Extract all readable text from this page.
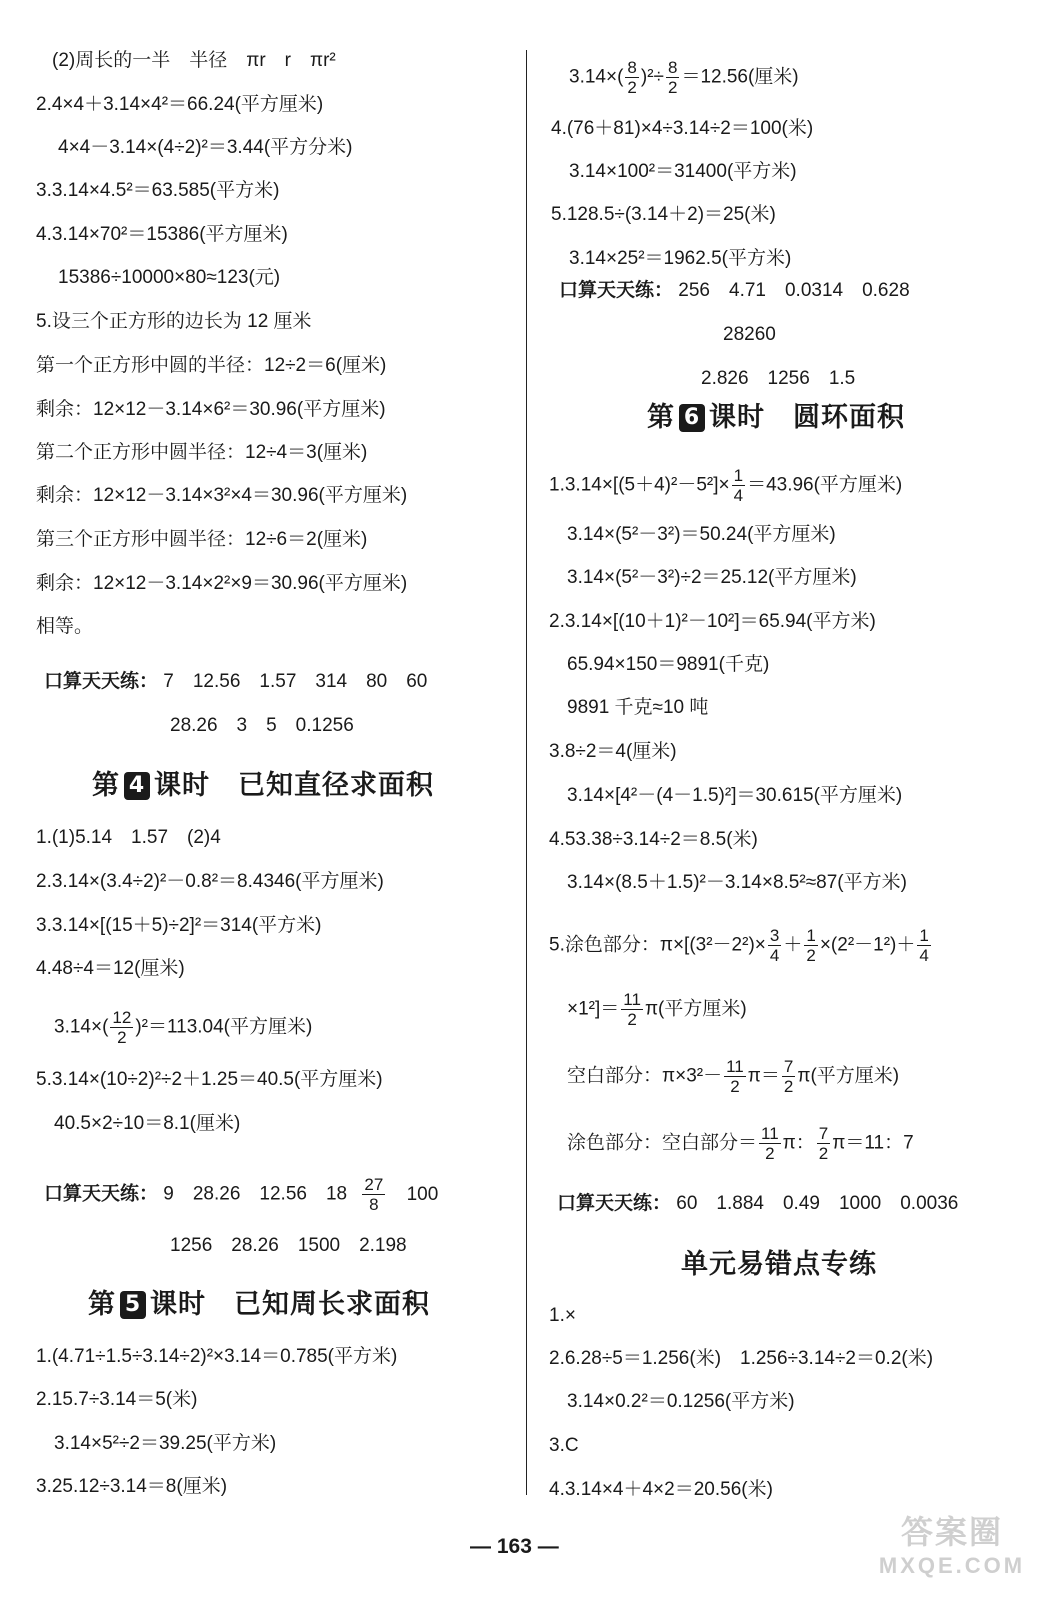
(2)周长的一半　半径　πr　r　πr²
2.4×4＋3.14×4²＝66.24(平方厘米)
4×4－3.14×(4÷2)²＝3.44(平方分米)
3.3.14×4.5²＝63.585(平方米)
4.3.14×70²＝15386(平方厘米)
15386÷10000×80≈123(元)
5.设三个正方形的边长为 12 厘米
第一个正方形中圆的半径：12÷2＝6(厘米)
剩余：12×12－3.14×6²＝30.96(平方厘米)
第二个正方形中圆半径：12÷4＝3(厘米)
剩余：12×12－3.14×3²×4＝30.96(平方厘米)
第三个正方形中圆半径：12÷6＝2(厘米)
剩余：12×12－3.14×2²×9＝30.96(平方厘米)
相等。
口算天天练： 7　12.56　1.57　314　80　60
28.26　3　5　0.1256
第 4 课时　已知直径求面积
1.(1)5.14　1.57　(2)4
2.3.14×(3.4÷2)²－0.8²＝8.4346(平方厘米)
3.3.14×[(15＋5)÷2]²＝314(平方米)
4.48÷4＝12(厘米)
$3.14\times( \frac{12}{2} )^2=113.04$(平方厘米)
5.3.14×(10÷2)²÷2＋1.25＝40.5(平方厘米)
40.5×2÷10＝8.1(厘米)
口算天天练： 9　28.26　12.56　$18 \frac{27}{8} 100$
1256　28.26　1500　2.198
第 5 课时　已知周长求面积
1.(4.71÷1.5÷3.14÷2)²×3.14＝0.785(平方米)
2.15.7÷3.14＝5(米)
3.14×5²÷2＝39.25(平方米)
3.25.12÷3.14＝8(厘米)
$3.14\times( \frac{8}{2} )^2\div \frac{8}{2} =12.56$(厘米)
4.(76＋81)×4÷3.14÷2＝100(米)
3.14×100²＝31400(平方米)
5.128.5÷(3.14＋2)＝25(米)
3.14×25²＝1962.5(平方米)
口算天天练： 256　4.71　0.0314　0.628
28260
2.826　1256　1.5
第 6 课时　圆环面积
$1.3.14\times[(5+4)^2-5^2]\times \frac{1}{4} =43.96$(平方厘米)
3.14×(5²－3²)＝50.24(平方厘米)
3.14×(5²－3²)÷2＝25.12(平方厘米)
2.3.14×[(10＋1)²－10²]＝65.94(平方米)
65.94×150＝9891(千克)
9891 千克≈10 吨
3.8÷2＝4(厘米)
3.14×[4²－(4－1.5)²]＝30.615(平方厘米)
4.53.38÷3.14÷2＝8.5(米)
3.14×(8.5＋1.5)²－3.14×8.5²≈87(平方米)
5.涂色部分：$\pi\times[(3^2-2^2)\times \frac{3}{4} + \frac{1}{2} \times(2^2-1^2)+ \frac{1}{4}$
$\times 1^2]= \frac{11}{2} \pi$(平方厘米)
空白部分：$\pi\times 3^2- \frac{11}{2} \pi= \frac{7}{2} \pi$(平方厘米)
涂色部分：空白部分＝ $\frac{11}{2}$ π： $\frac{7}{2} \pi=11$：7
口算天天练： 60　1.884　0.49　1000　0.0036
单元易错点专练
1.×
2.6.28÷5＝1.256(米)　1.256÷3.14÷2＝0.2(米)
3.14×0.2²＝0.1256(平方米)
3.C
4.3.14×4＋4×2＝20.56(米)
— 163 —	答案圈
MXQE.COM
